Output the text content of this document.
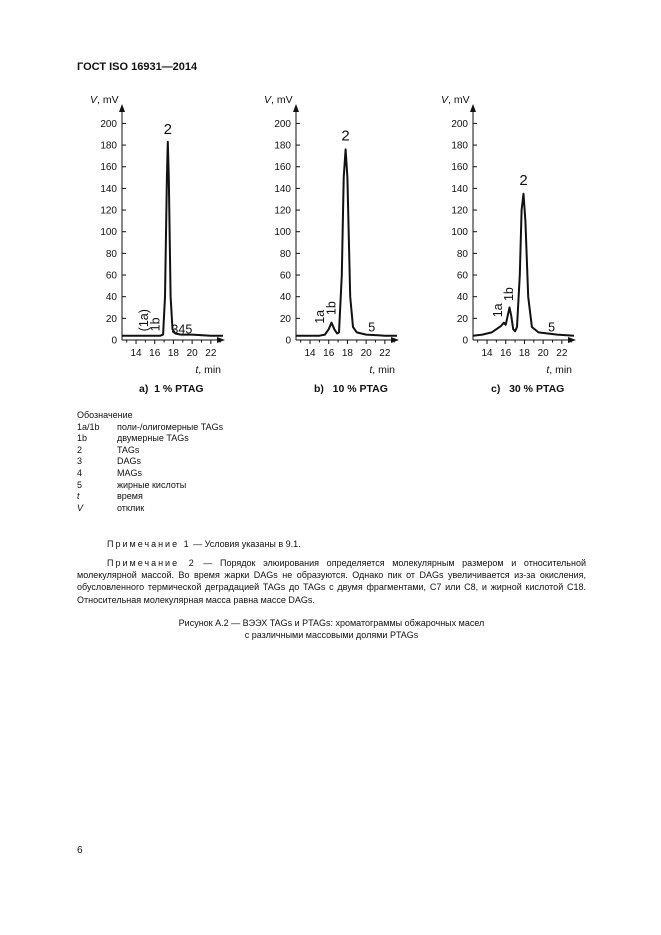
ГОСТ ISO 16931—2014
0
20
40
60
80
100
120
140
160
180
200
14 16 18 20 22
V, mV
t, min
2
(1a)
1b 345
0
20
40
60
80
100
120
140
160
180
200
14 16 18 20 22
V, mV
t, min
2
1a
1b
5
0
20
40
60
80
100
120
140
160
180
200
14 16 18 20 22
V, mV
t, min
2
1a
1b
5
a)  1 % PTAG	b)   10 % PTAG	c)   30 % PTAG
Обозначение
1a/1b	поли-/олигомерные TAGs
1b	двумерные TAGs
2	TAGs
3	DAGs
4	MAGs
5	жирные кислоты
t	время
V	отклик
Примечание 1 — Условия указаны в 9.1.
Примечание 2 — Порядок элюирования определяется молекулярным размером и относительной молекулярной массой. Во время жарки DAGs не образуются. Однако пик от DAGs увеличивается из-за окисления, обусловленного термической деградацией TAGs до TAGs с двумя фрагментами, С7 или С8, и жирной кислотой С18. Относительная молекулярная масса равна массе DAGs.
Рисунок А.2 — ВЭЭХ TAGs и PTAGs: хроматограммы обжарочных масел
с различными массовыми долями PTAGs
6
